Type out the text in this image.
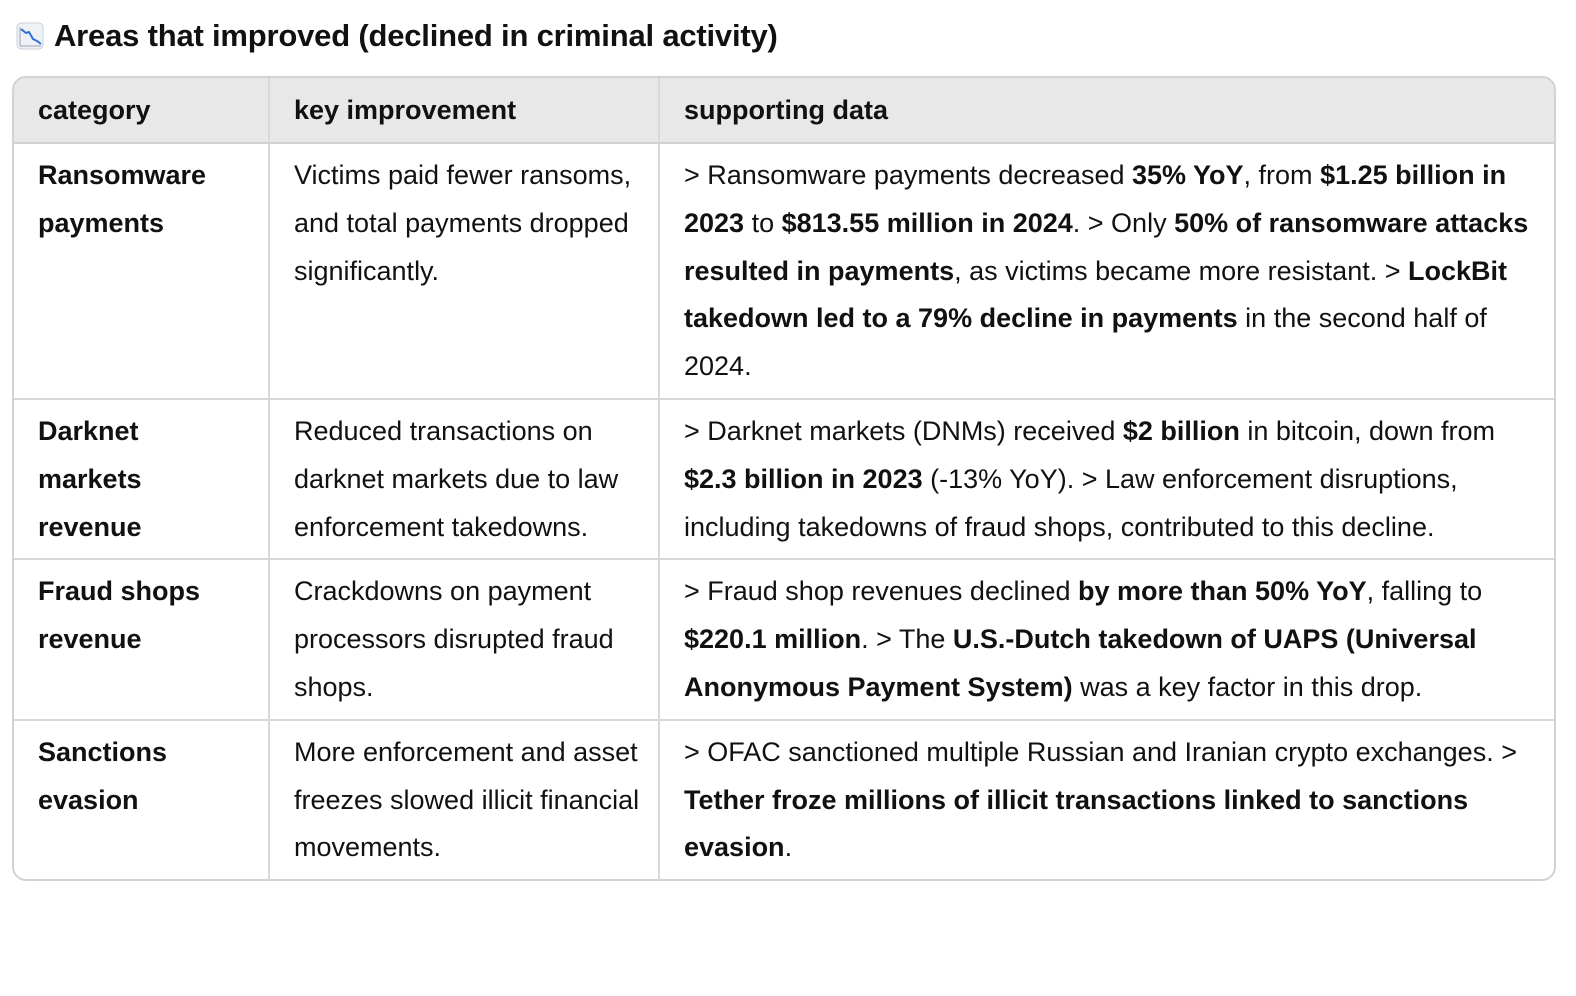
Areas that improved (declined in criminal activity)
category	key improvement	supporting data
Ransomware payments	Victims paid fewer ransoms, and total payments dropped significantly.	> Ransomware payments decreased 35% YoY, from $1.25 billion in 2023 to $813.55 million in 2024. > Only 50% of ransomware attacks resulted in payments, as victims became more resistant. > LockBit takedown led to a 79% decline in payments in the second half of 2024.
Darknet markets revenue	Reduced transactions on darknet markets due to law enforcement takedowns.	> Darknet markets (DNMs) received $2 billion in bitcoin, down from $2.3 billion in 2023 (-13% YoY). > Law enforcement disruptions, including takedowns of fraud shops, contributed to this decline.
Fraud shops revenue	Crackdowns on payment processors disrupted fraud shops.	> Fraud shop revenues declined by more than 50% YoY, falling to $220.1 million. > The U.S.-Dutch takedown of UAPS (Universal Anonymous Payment System) was a key factor in this drop.
Sanctions evasion	More enforcement and asset freezes slowed illicit financial movements.	> OFAC sanctioned multiple Russian and Iranian crypto exchanges. > Tether froze millions of illicit transactions linked to sanctions evasion.
